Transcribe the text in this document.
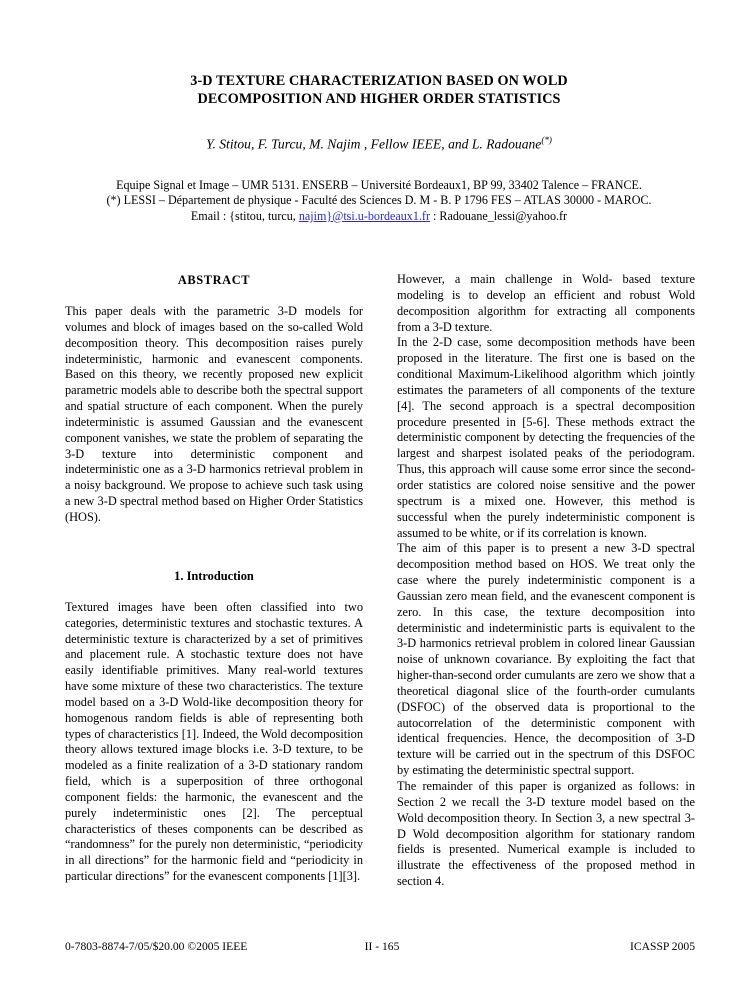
3-D TEXTURE CHARACTERIZATION BASED ON WOLD
DECOMPOSITION AND HIGHER ORDER STATISTICS
Y. Stitou, F. Turcu, M. Najim , Fellow IEEE, and L. Radouane(*)
Equipe Signal et Image – UMR 5131. ENSERB – Université Bordeaux1, BP 99, 33402 Talence – FRANCE.
(*) LESSI – Département de physique - Faculté des Sciences D. M - B. P 1796 FES – ATLAS 30000 - MAROC.
Email : {stitou, turcu, najim}@tsi.u-bordeaux1.fr : Radouane_lessi@yahoo.fr
ABSTRACT

This paper deals with the parametric 3-D models for volumes and block of images based on the so-called Wold decomposition theory. This decomposition raises purely indeterministic, harmonic and evanescent components. Based on this theory, we recently proposed new explicit parametric models able to describe both the spectral support and spatial structure of each component. When the purely indeterministic is assumed Gaussian and the evanescent component vanishes, we state the problem of separating the 3-D texture into deterministic component and indeterministic one as a 3-D harmonics retrieval problem in a noisy background. We propose to achieve such task using a new 3-D spectral method based on Higher Order Statistics (HOS).

1. Introduction

Textured images have been often classified into two categories, deterministic textures and stochastic textures. A deterministic texture is characterized by a set of primitives and placement rule. A stochastic texture does not have easily identifiable primitives. Many real-world textures have some mixture of these two characteristics. The texture model based on a 3-D Wold-like decomposition theory for homogenous random fields is able of representing both types of characteristics [1]. Indeed, the Wold decomposition theory allows textured image blocks i.e. 3-D texture, to be modeled as a finite realization of a 3-D stationary random field, which is a superposition of three orthogonal component fields: the harmonic, the evanescent and the purely indeterministic ones [2]. The perceptual characteristics of theses components can be described as “randomness” for the purely non deterministic, “periodicity in all directions” for the harmonic field and “periodicity in particular directions” for the evanescent components [1][3].

However, a main challenge in Wold- based texture modeling is to develop an efficient and robust Wold decomposition algorithm for extracting all components from a 3-D texture.

In the 2-D case, some decomposition methods have been proposed in the literature. The first one is based on the conditional Maximum-Likelihood algorithm which jointly estimates the parameters of all components of the texture [4]. The second approach is a spectral decomposition procedure presented in [5-6]. These methods extract the deterministic component by detecting the frequencies of the largest and sharpest isolated peaks of the periodogram. Thus, this approach will cause some error since the second-order statistics are colored noise sensitive and the power spectrum is a mixed one. However, this method is successful when the purely indeterministic component is assumed to be white, or if its correlation is known.

The aim of this paper is to present a new 3-D spectral decomposition method based on HOS. We treat only the case where the purely indeterministic component is a Gaussian zero mean field, and the evanescent component is zero. In this case, the texture decomposition into deterministic and indeterministic parts is equivalent to the 3-D harmonics retrieval problem in colored linear Gaussian noise of unknown covariance. By exploiting the fact that higher-than-second order cumulants are zero we show that a theoretical diagonal slice of the fourth-order cumulants (DSFOC) of the observed data is proportional to the autocorrelation of the deterministic component with identical frequencies. Hence, the decomposition of 3-D texture will be carried out in the spectrum of this DSFOC by estimating the deterministic spectral support.

The remainder of this paper is organized as follows: in Section 2 we recall the 3-D texture model based on the Wold decomposition theory. In Section 3, a new spectral 3-D Wold decomposition algorithm for stationary random fields is presented. Numerical example is included to illustrate the effectiveness of the proposed method in section 4.

0-7803-8874-7/05/$20.00 ©2005 IEEE	II - 165	ICASSP 2005
